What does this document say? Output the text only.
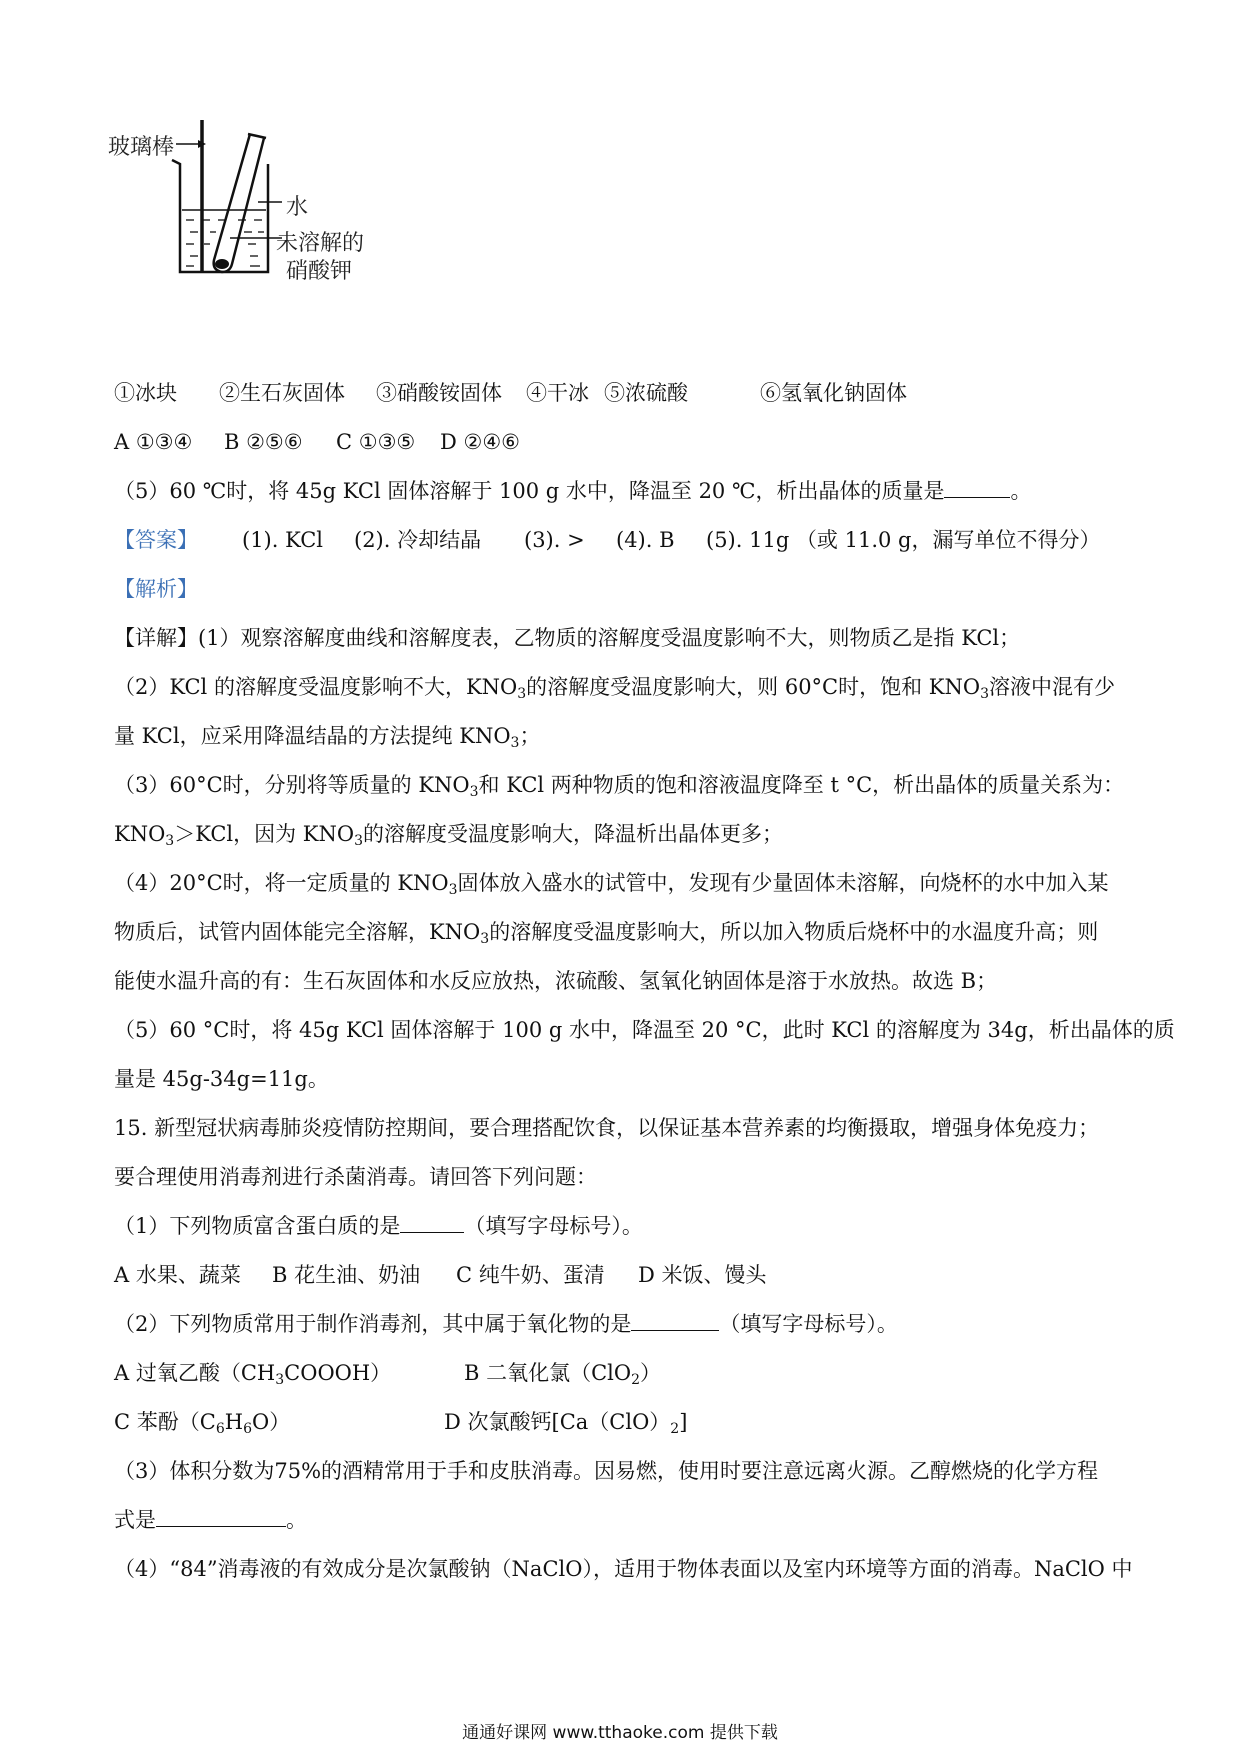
玻璃棒
水
未溶解的
硝酸钾
①冰块 ②生石灰固体 ③硝酸铵固体 ④干冰 ⑤浓硫酸	⑥氢氧化钠固体
A ①③④ B ②⑤⑥ C ①③⑤ D ②④⑥
（5）60 ℃时，将 45g KCl 固体溶解于 100 g 水中，降温至 20 ℃，析出晶体的质量是	。
【答案】 (1). KCl (2). 冷却结晶 (3). > (4). B (5). 11g （或 11.0 g，漏写单位不得分）
【解析】
【详解】(1）观察溶解度曲线和溶解度表，乙物质的溶解度受温度影响不大，则物质乙是指 KCl；
（2）KCl 的溶解度受温度影响不大，$KNO_3$的溶解度受温度影响大，则 60°C时，饱和 $KNO_3$溶液中混有少
量 KCl，应采用降温结晶的方法提纯 $KNO_3$；
（3）60°C时，分别将等质量的 $KNO_3$和 KCl 两种物质的饱和溶液温度降至 t °C，析出晶体的质量关系为：
$KNO_3>KCl$，因为 $KNO_3$的溶解度受温度影响大，降温析出晶体更多；
（4）20°C时，将一定质量的 $KNO_3$固体放入盛水的试管中，发现有少量固体未溶解，向烧杯的水中加入某
物质后，试管内固体能完全溶解，$KNO_3$的溶解度受温度影响大，所以加入物质后烧杯中的水温度升高；则
能使水温升高的有：生石灰固体和水反应放热，浓硫酸、氢氧化钠固体是溶于水放热。故选 B；
（5）60 °C时，将 45g KCl 固体溶解于 100 g 水中，降温至 20 °C，此时 KCl 的溶解度为 34g，析出晶体的质
量是 45g-34g=11g。
15. 新型冠状病毒肺炎疫情防控期间，要合理搭配饮食，以保证基本营养素的均衡摄取，增强身体免疫力；
要合理使用消毒剂进行杀菌消毒。请回答下列问题：
（1）下列物质富含蛋白质的是	（填写字母标号）。
A 水果、蔬菜 B 花生油、奶油 C 纯牛奶、蛋清 D 米饭、馒头
（2）下列物质常用于制作消毒剂，其中属于氧化物的是	（填写字母标号）。
A 过氧乙酸$(CH_3COOOH)$	B 二氧化氯（ClO$_2$）
C 苯酚$(C_6H_6O)$	D 次氯酸钙$[Ca(ClO)_2]$
（3）体积分数为75%的酒精常用于手和皮肤消毒。因易燃，使用时要注意远离火源。乙醇燃烧的化学方程
式是	。
（4）“84”消毒液的有效成分是次氯酸钠（NaClO），适用于物体表面以及室内环境等方面的消毒。NaClO 中
通通好课网 www.tthaoke.com 提供下载
